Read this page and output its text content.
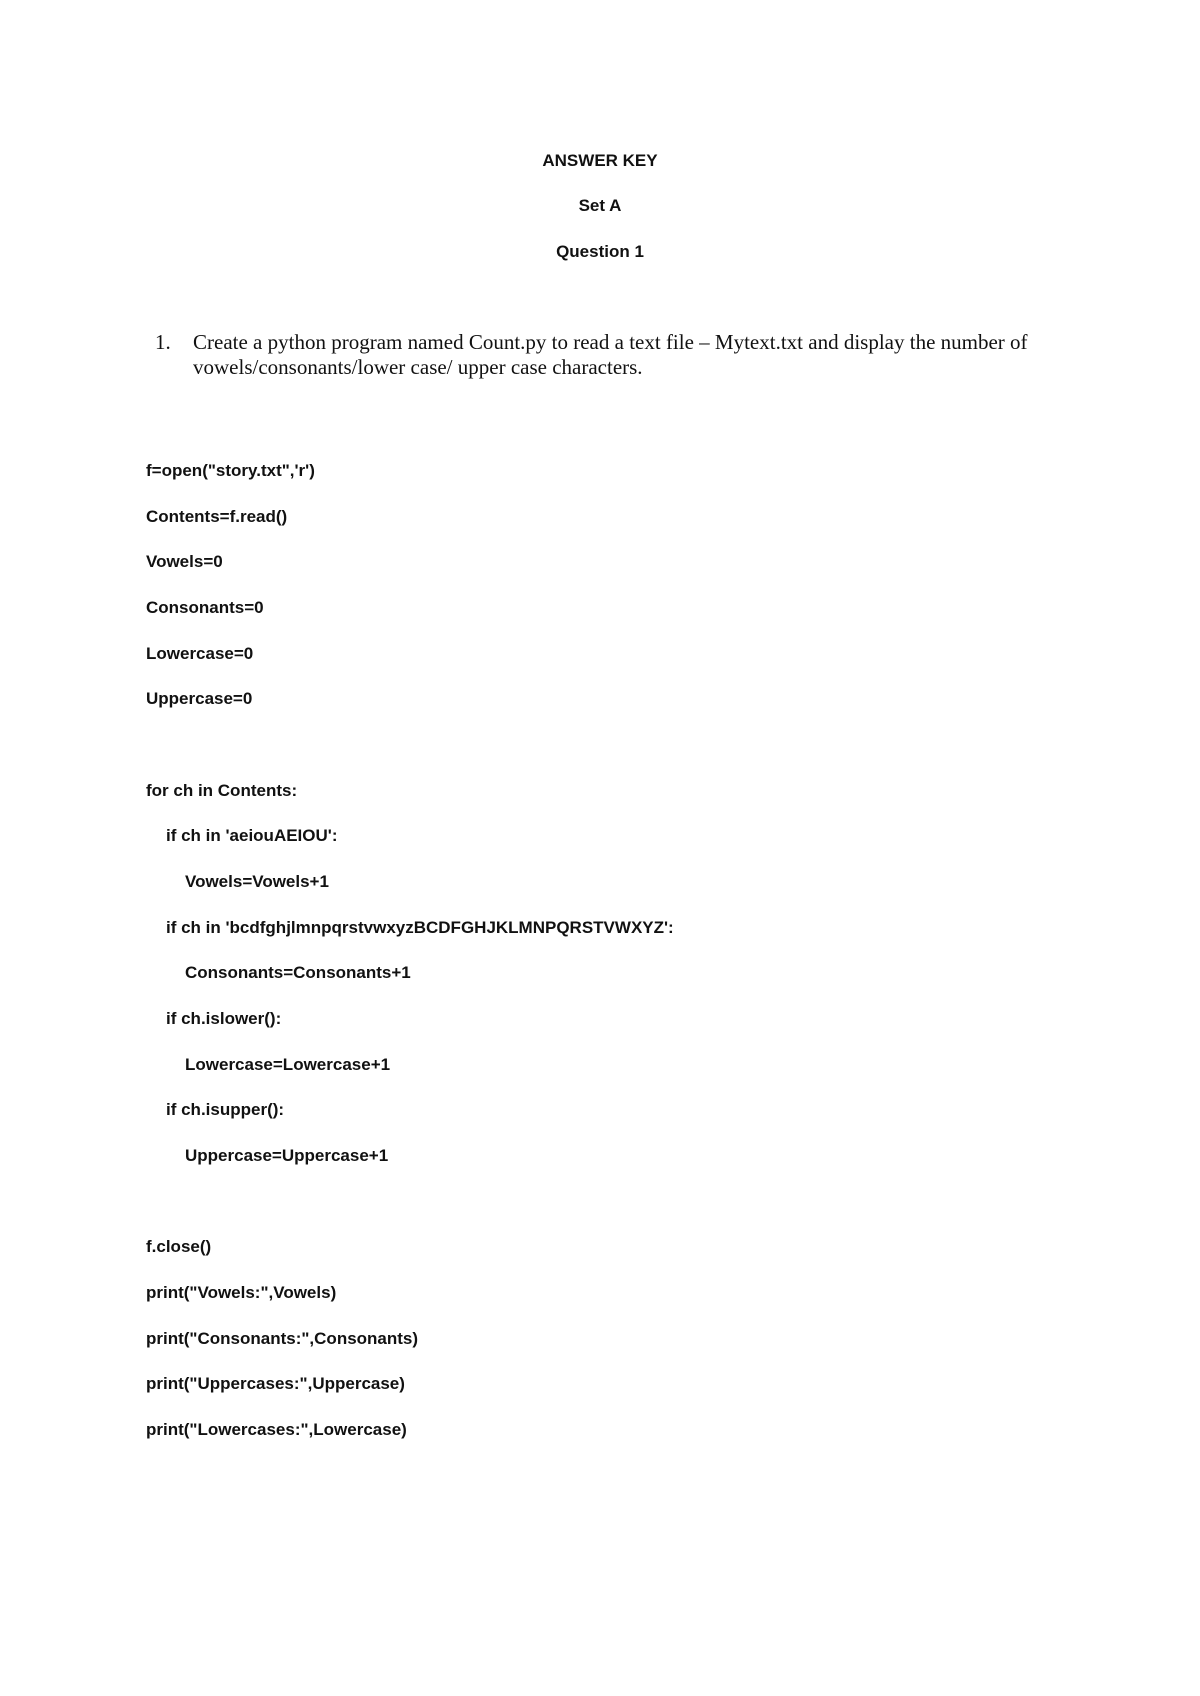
ANSWER KEY
Set A
Question 1
1. Create a python program named Count.py to read a text file – Mytext.txt and display the number of vowels/consonants/lower case/ upper case characters.
f=open("story.txt",'r')
Contents=f.read()
Vowels=0
Consonants=0
Lowercase=0
Uppercase=0
for ch in Contents:
if ch in 'aeiouAEIOU':
Vowels=Vowels+1
if ch in 'bcdfghjlmnpqrstvwxyzBCDFGHJKLMNPQRSTVWXYZ':
Consonants=Consonants+1
if ch.islower():
Lowercase=Lowercase+1
if ch.isupper():
Uppercase=Uppercase+1
f.close()
print("Vowels:",Vowels)
print("Consonants:",Consonants)
print("Uppercases:",Uppercase)
print("Lowercases:",Lowercase)
